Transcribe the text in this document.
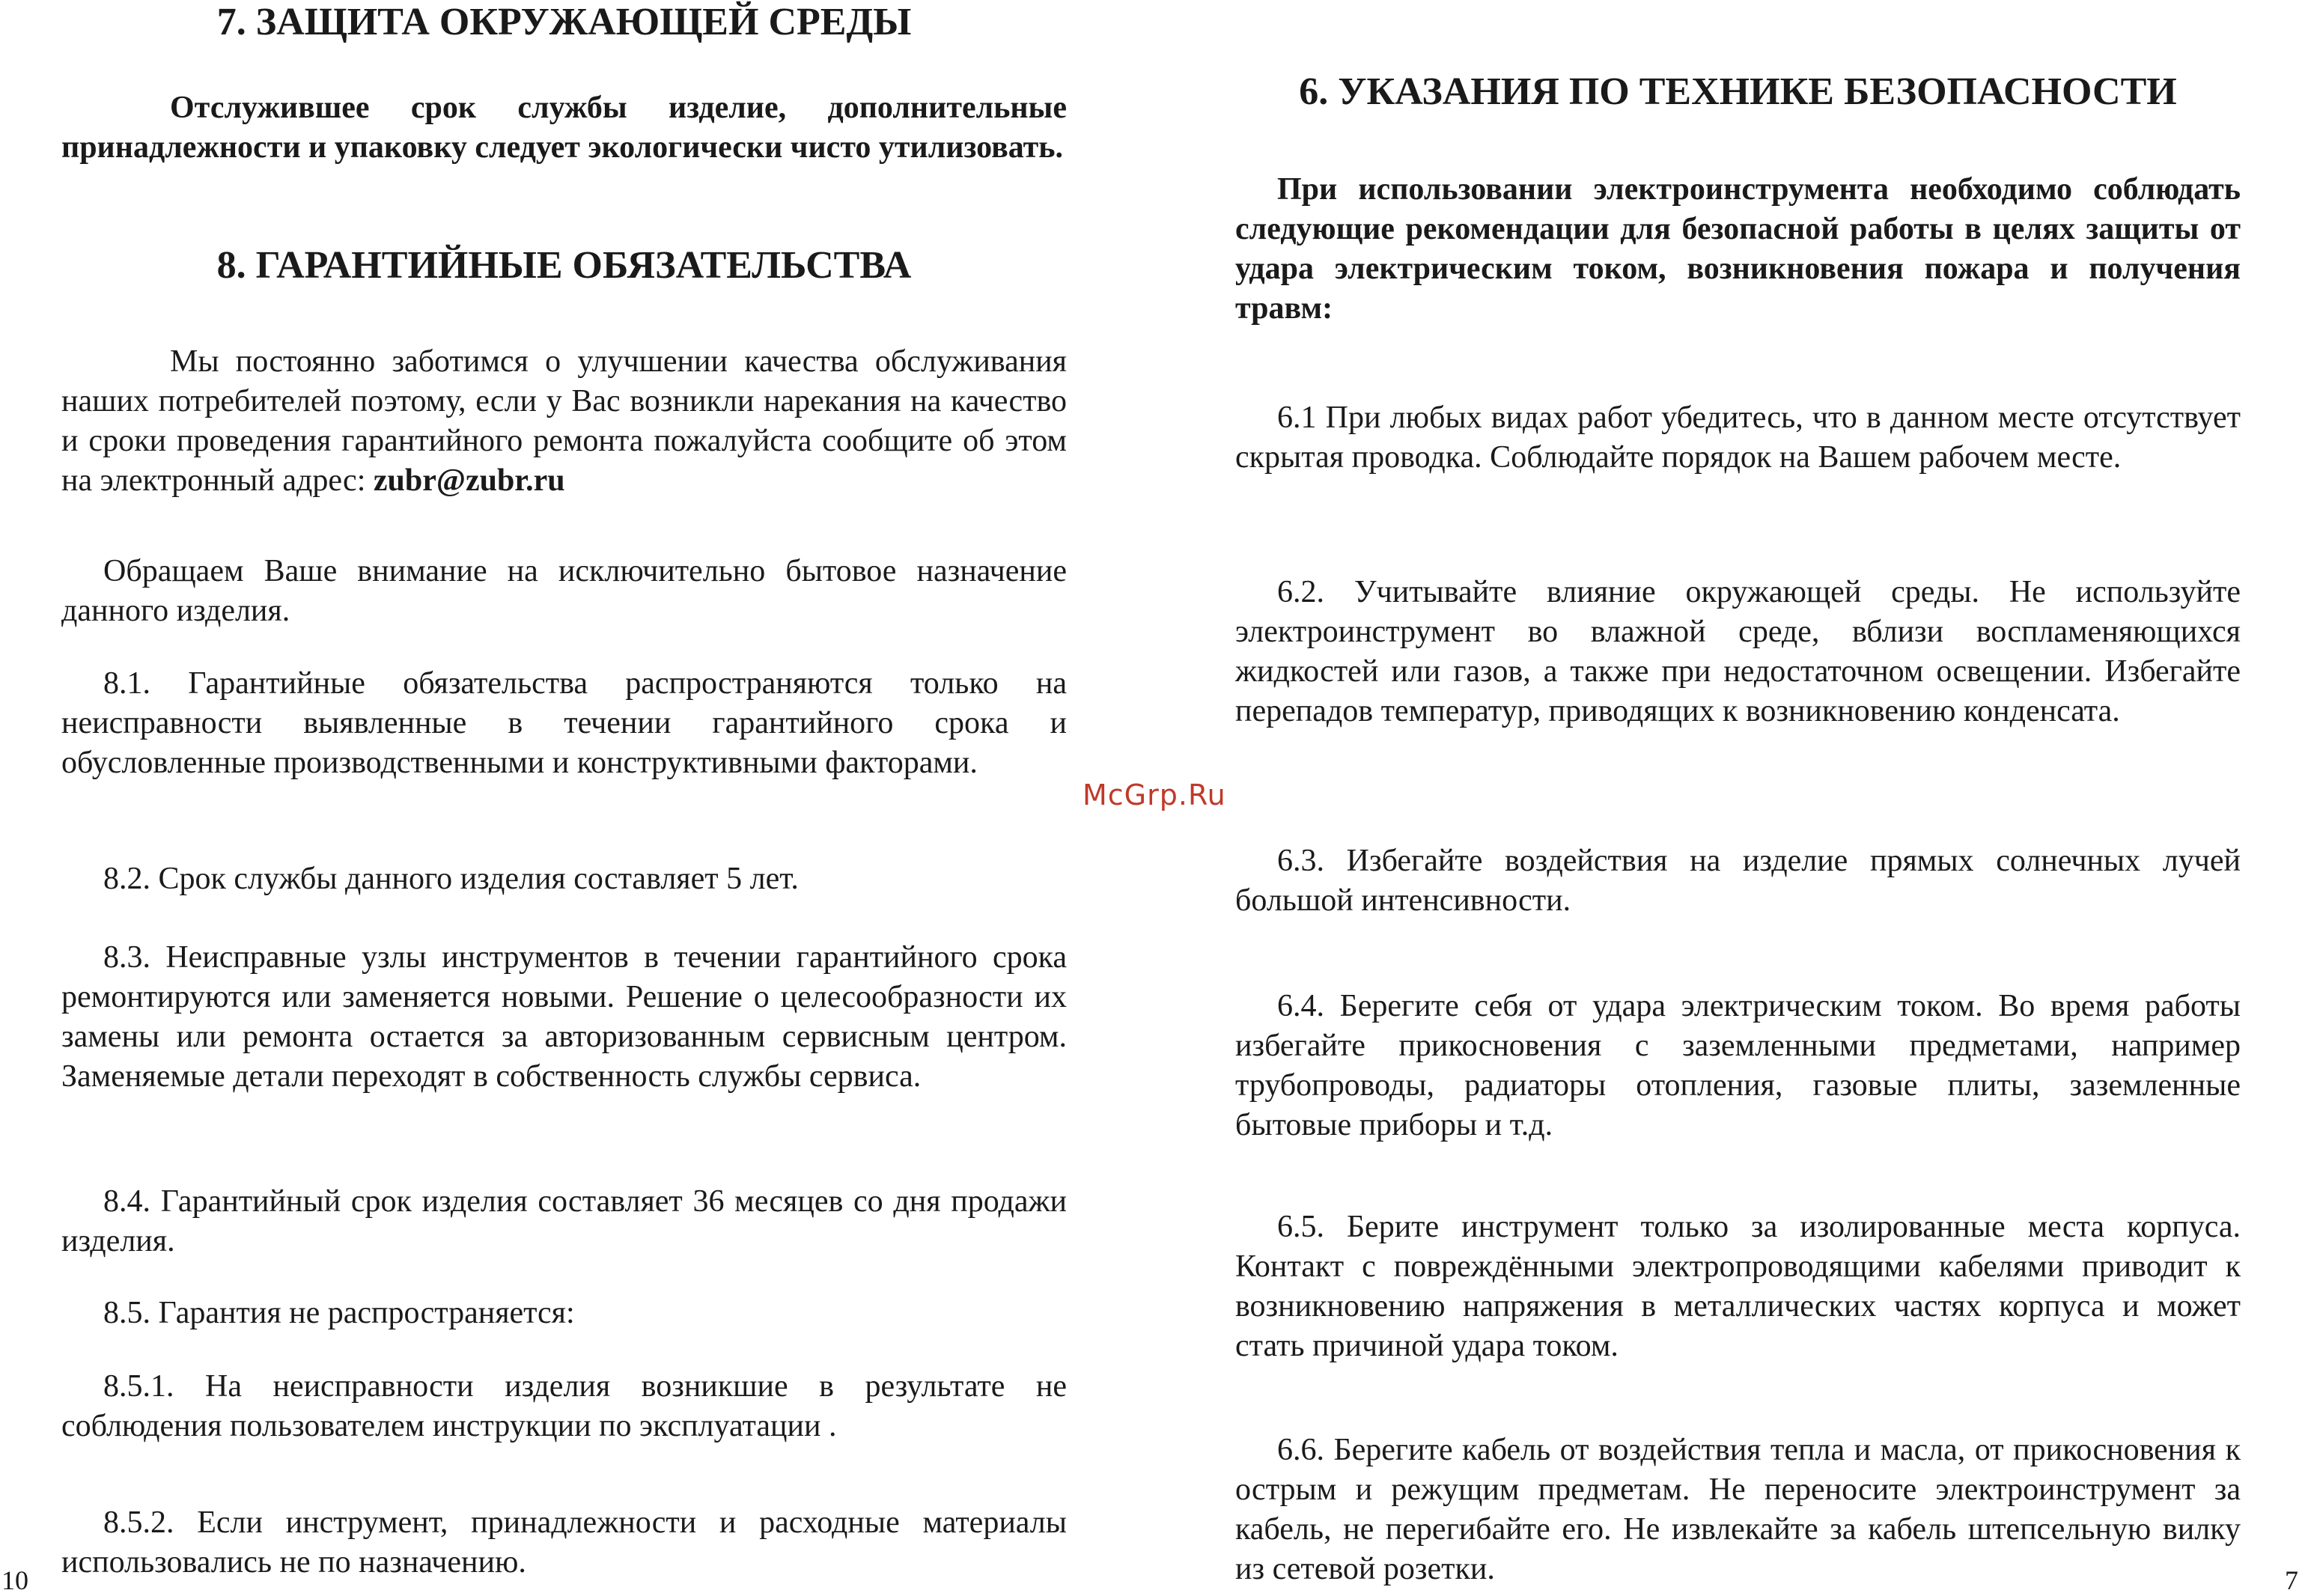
7. ЗАЩИТА ОКРУЖАЮЩЕЙ СРЕДЫ

Отслужившее срок службы изделие, дополнительные принадлежности и упаковку следует экологически чисто утилизовать.

8. ГАРАНТИЙНЫЕ ОБЯЗАТЕЛЬСТВА

Мы постоянно заботимся о улучшении качества обслуживания наших потребителей поэтому, если у Вас возникли нарекания на качество и сроки проведения гарантийного ремонта пожалуйста сообщите об этом на электронный адрес: zubr@zubr.ru

Обращаем Ваше внимание на исключительно бытовое назначение данного изделия.

8.1. Гарантийные обязательства распространяются только на неисправности выявленные в течении гарантийного срока и обусловленные производственными и конструктивными факторами.

8.2. Срок службы данного изделия составляет 5 лет.

8.3. Неисправные узлы инструментов в течении гарантийного срока ремонтируются или заменяется новыми. Решение о целесообразности их замены или ремонта остается за авторизованным сервисным центром. Заменяемые детали переходят в собственность службы сервиса.

8.4. Гарантийный срок изделия составляет 36 месяцев со дня продажи изделия.

8.5. Гарантия не распространяется:

8.5.1. На неисправности изделия возникшие в результате не соблюдения пользователем инструкции по эксплуатации .

8.5.2. Если инструмент, принадлежности и расходные материалы использовались не по назначению.

6. УКАЗАНИЯ ПО ТЕХНИКЕ БЕЗОПАСНОСТИ

При использовании электроинструмента необходимо соблюдать следующие рекомендации для безопасной работы в целях защиты от удара электрическим током, возникновения пожара и получения травм:

6.1 При любых видах работ убедитесь, что в данном месте отсутствует скрытая проводка. Соблюдайте порядок на Вашем рабочем месте.

6.2. Учитывайте влияние окружающей среды. Не используйте электроинструмент во влажной среде, вблизи воспламеняющихся жидкостей или газов, а также при недостаточном освещении. Избегайте перепадов температур, приводящих к возникновению конденсата.

6.3. Избегайте воздействия на изделие прямых солнечных лучей большой интенсивности.

6.4. Берегите себя от удара электрическим током. Во время работы избегайте прикосновения с заземленными предметами, например трубопроводы, радиаторы отопления, газовые плиты, заземленные бытовые приборы и т.д.

6.5. Берите инструмент только за изолированные места корпуса. Контакт с повреждёнными электропроводящими кабелями приводит к возникновению напряжения в металлических частях корпуса и может стать причиной удара током.

6.6. Берегите кабель от воздействия тепла и масла, от прикосновения к острым и режущим предметам. Не переносите электроинструмент за кабель, не перегибайте его. Не извлекайте за кабель штепсельную вилку из сетевой розетки.

McGrp.Ru
10	7
